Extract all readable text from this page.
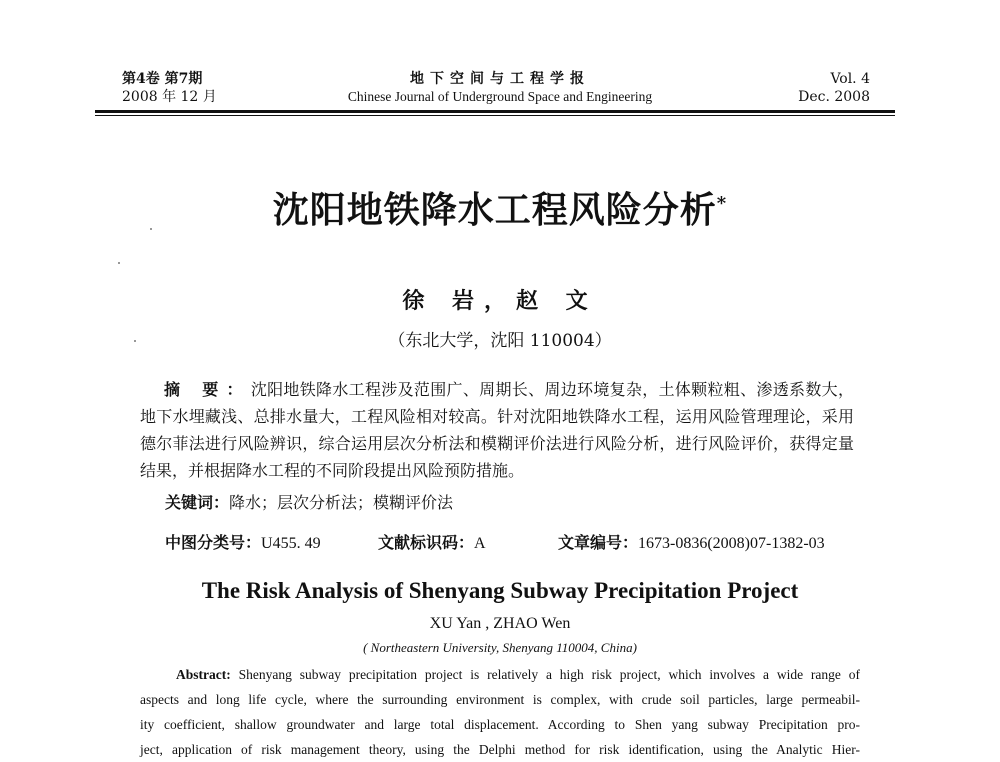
第4卷 第7期
2008 年 12 月
地下空间与工程学报
Chinese Journal of Underground Space and Engineering
Vol. 4
Dec. 2008
沈阳地铁降水工程风险分析*
徐 岩，赵 文
（东北大学，沈阳 110004）
摘 要：沈阳地铁降水工程涉及范围广、周期长、周边环境复杂，土体颗粒粗、渗透系数大，地下水埋藏浅、总排水量大，工程风险相对较高。针对沈阳地铁降水工程，运用风险管理理论，采用德尔菲法进行风险辨识，综合运用层次分析法和模糊评价法进行风险分析，进行风险评价，获得定量结果，并根据降水工程的不同阶段提出风险预防措施。
关键词：降水；层次分析法；模糊评价法
中图分类号：U455. 49	文献标识码：A	文章编号：1673-0836(2008)07-1382-03
The Risk Analysis of Shenyang Subway Precipitation Project
XU Yan , ZHAO Wen
( Northeastern University, Shenyang 110004, China)
Abstract: Shenyang subway precipitation project is relatively a high risk project, which involves a wide range of
aspects and long life cycle, where the surrounding environment is complex, with crude soil particles, large permeabil-
ity coefficient, shallow groundwater and large total displacement. According to Shen yang subway Precipitation pro-
ject, application of risk management theory, using the Delphi method for risk identification, using the Analytic Hier-
